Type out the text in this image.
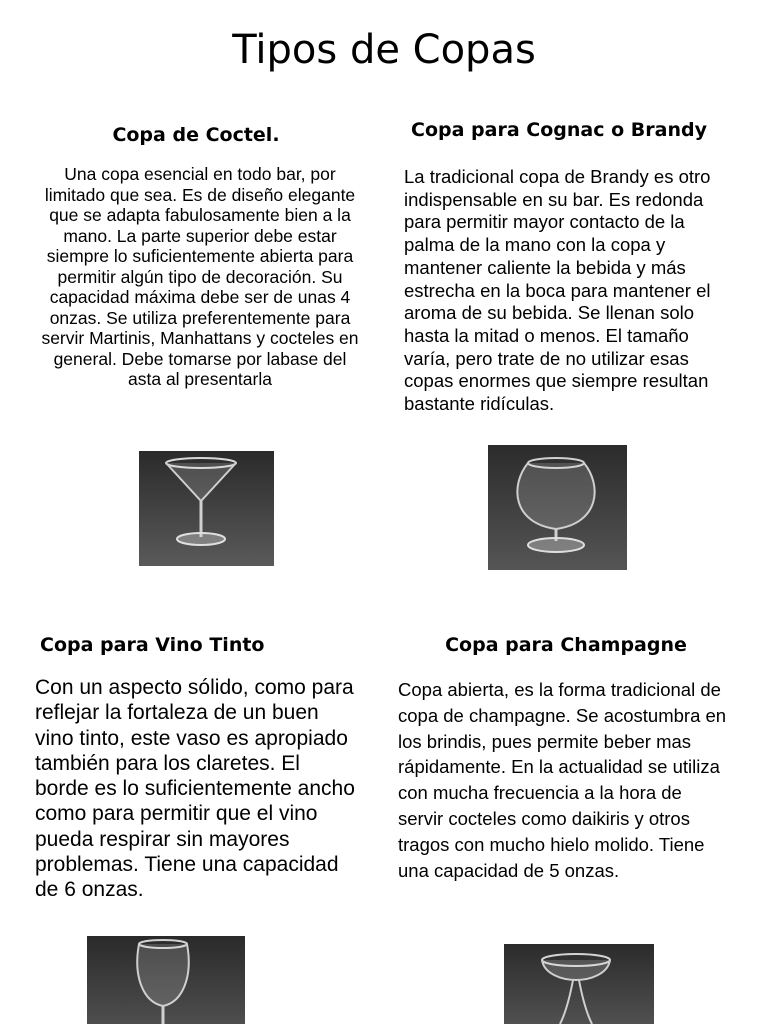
Tipos de Copas
Copa de Coctel.
Una copa esencial en todo bar, por limitado que sea. Es de diseño elegante que se adapta fabulosamente bien a la mano. La parte superior debe estar siempre lo suficientemente abierta para permitir algún tipo de decoración. Su capacidad máxima debe ser de unas 4 onzas. Se utiliza preferentemente para servir Martinis, Manhattans y cocteles en general. Debe tomarse por labase del asta al presentarla
Copa para Cognac o Brandy
La tradicional copa de Brandy es otro indispensable en su bar. Es redonda para permitir mayor contacto de la palma de la mano con la copa y mantener caliente la bebida y más estrecha en la boca para mantener el aroma de su bebida. Se llenan solo hasta la mitad o menos. El tamaño varía, pero trate de no utilizar esas copas enormes que siempre resultan bastante ridículas.
Copa para Vino Tinto
Con un aspecto sólido, como para reflejar la fortaleza de un buen vino tinto, este vaso es apropiado también para los claretes. El borde es lo suficientemente ancho como para permitir que el vino pueda respirar sin mayores problemas. Tiene una capacidad de 6 onzas.
Copa para Champagne
Copa abierta, es la forma tradicional de copa de champagne. Se acostumbra en los brindis, pues permite beber mas rápidamente. En la actualidad se utiliza con mucha frecuencia a la hora de servir cocteles como daikiris y otros tragos con mucho hielo molido. Tiene una capacidad de 5 onzas.
